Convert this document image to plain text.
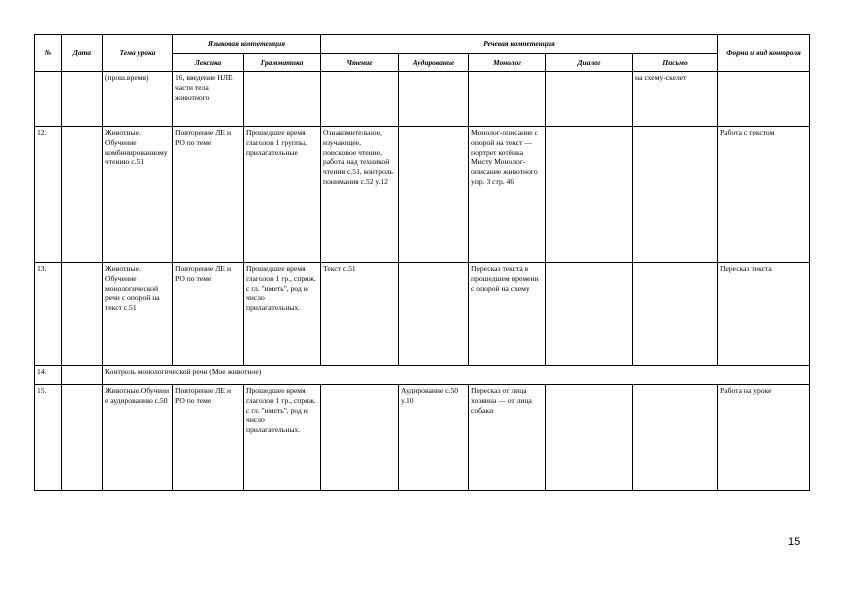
№	Дата	Тема урока	Языковая компетенция		Речевая компетенция					Форма и вид контроля
			Лексика	Грамматика	Чтение	Аудирование	Монолог	Диалог	Письмо	
		(прош.время)	16, введение НЛЕ части тела животного						на схему-скелет	
12.		Животные. Обучение комбинированному чтению с.51	Повторение ЛЕ и РО по теме	Прошедшее время глаголов 1 группы, прилагательные	Ознакомительное, изучающее, поисковое чтение, работа над техникой чтения с.51, контроль понимания с.52 у.12		Монолог-описание с опорой на текст — портрет котёнка Мисту Монолог-описание животного упр. 3 стр. 46			Работа с текстом
13.		Животные. Обучение монологической речи с опорой на текст с.51	Повторение ЛЕ и РО по теме	Прошедшее время глаголов 1 гр., спряж. с гл. "иметь", род и число прилагательных.	Текст с.51		Пересказ текста в прошедшем времени с опорой на схему			Пересказ текста
14.		Контроль монологической речи (Мое животное)								
15.		Животные.Обучение аудированию с.50	Повторение ЛЕ и РО по теме	Прошедшее время глаголов 1 гр., спряж. с гл. "иметь", род и число прилагательных.		Аудирование с.50 у.10	Пересказ от лица хозяина — от лица собаки			Работа на уроке
15
